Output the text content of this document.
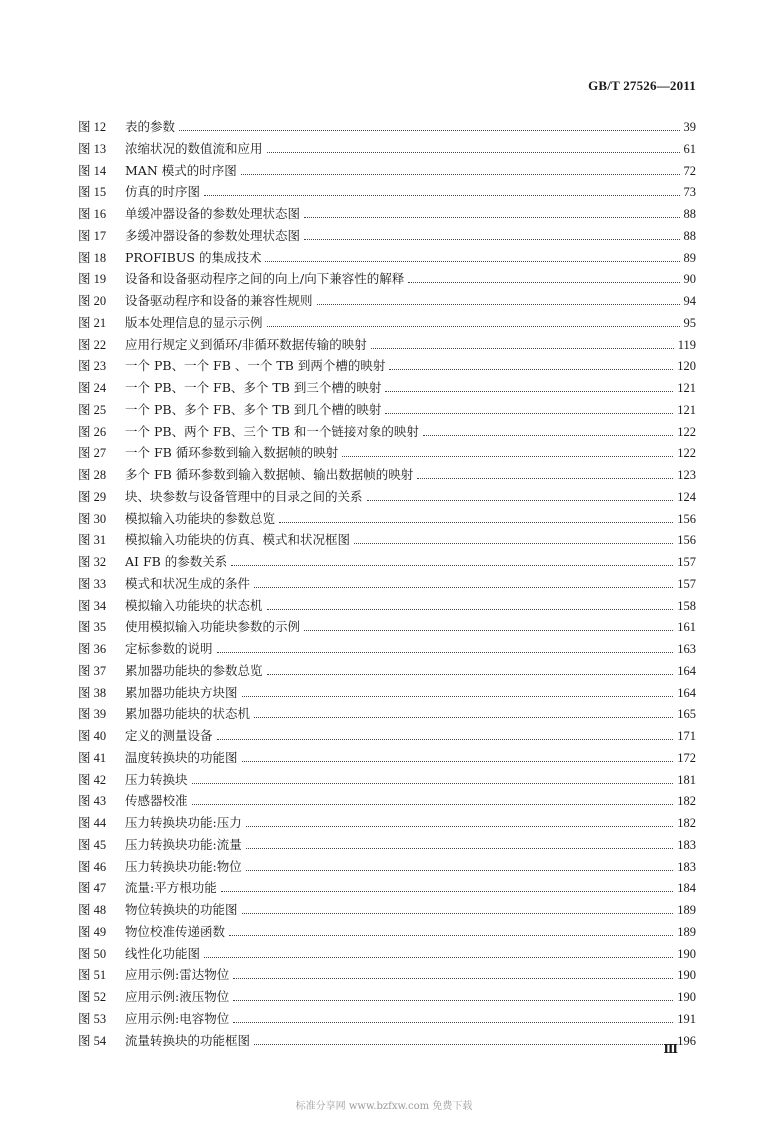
GB/T 27526—2011
图 12	表的参数	39
图 13	浓缩状况的数值流和应用	61
图 14	MAN 模式的时序图	72
图 15	仿真的时序图	73
图 16	单缓冲器设备的参数处理状态图	88
图 17	多缓冲器设备的参数处理状态图	88
图 18	PROFIBUS 的集成技术	89
图 19	设备和设备驱动程序之间的向上/向下兼容性的解释	90
图 20	设备驱动程序和设备的兼容性规则	94
图 21	版本处理信息的显示示例	95
图 22	应用行规定义到循环/非循环数据传输的映射	119
图 23	一个 PB、一个 FB 、一个 TB 到两个槽的映射	120
图 24	一个 PB、一个 FB、多个 TB 到三个槽的映射	121
图 25	一个 PB、多个 FB、多个 TB 到几个槽的映射	121
图 26	一个 PB、两个 FB、三个 TB 和一个链接对象的映射	122
图 27	一个 FB 循环参数到输入数据帧的映射	122
图 28	多个 FB 循环参数到输入数据帧、输出数据帧的映射	123
图 29	块、块参数与设备管理中的目录之间的关系	124
图 30	模拟输入功能块的参数总览	156
图 31	模拟输入功能块的仿真、模式和状况框图	156
图 32	AI FB 的参数关系	157
图 33	模式和状况生成的条件	157
图 34	模拟输入功能块的状态机	158
图 35	使用模拟输入功能块参数的示例	161
图 36	定标参数的说明	163
图 37	累加器功能块的参数总览	164
图 38	累加器功能块方块图	164
图 39	累加器功能块的状态机	165
图 40	定义的测量设备	171
图 41	温度转换块的功能图	172
图 42	压力转换块	181
图 43	传感器校准	182
图 44	压力转换块功能:压力	182
图 45	压力转换块功能:流量	183
图 46	压力转换块功能:物位	183
图 47	流量:平方根功能	184
图 48	物位转换块的功能图	189
图 49	物位校准传递函数	189
图 50	线性化功能图	190
图 51	应用示例:雷达物位	190
图 52	应用示例:液压物位	190
图 53	应用示例:电容物位	191
图 54	流量转换块的功能框图	196
Ⅲ
标准分享网 www.bzfxw.com 免费下载
